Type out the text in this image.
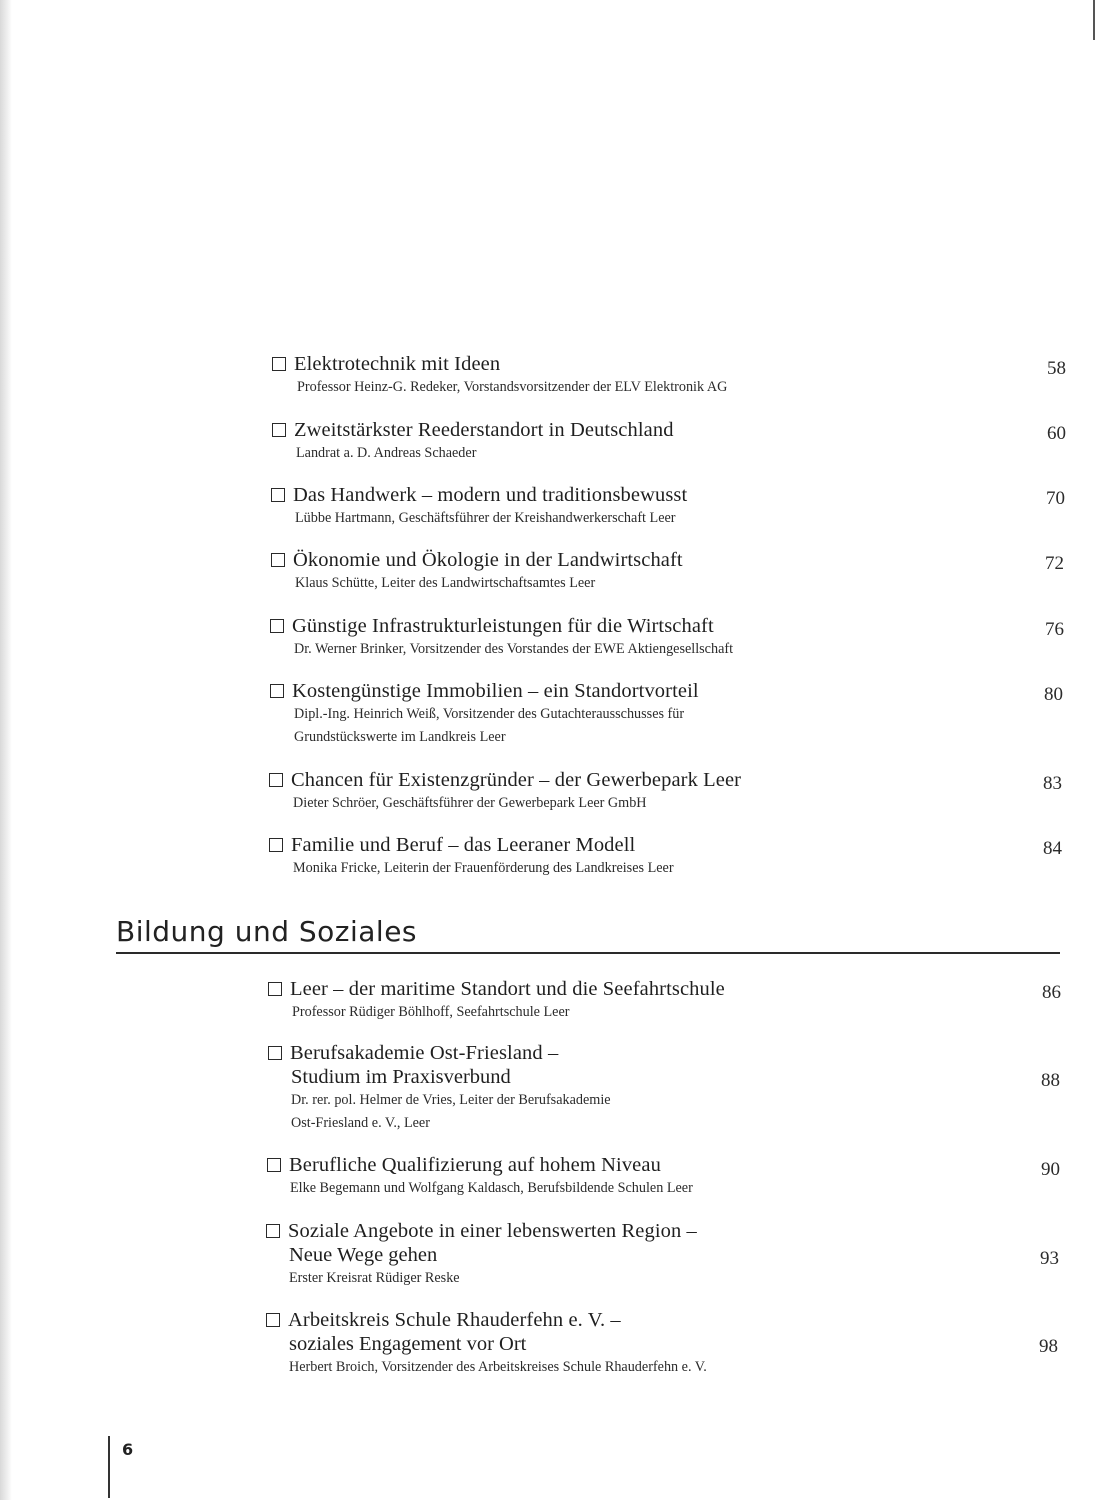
Elektrotechnik mit Ideen
Professor Heinz-G. Redeker, Vorstandsvorsitzender der ELV Elektronik AG
58
Zweitstärkster Reederstandort in Deutschland
Landrat a. D. Andreas Schaeder
60
Das Handwerk – modern und traditionsbewusst
Lübbe Hartmann, Geschäftsführer der Kreishandwerkerschaft Leer
70
Ökonomie und Ökologie in der Landwirtschaft
Klaus Schütte, Leiter des Landwirtschaftsamtes Leer
72
Günstige Infrastrukturleistungen für die Wirtschaft
Dr. Werner Brinker, Vorsitzender des Vorstandes der EWE Aktiengesellschaft
76
Kostengünstige Immobilien – ein Standortvorteil
Dipl.-Ing. Heinrich Weiß, Vorsitzender des Gutachterausschusses für
Grundstückswerte im Landkreis Leer
80
Chancen für Existenzgründer – der Gewerbepark Leer
Dieter Schröer, Geschäftsführer der Gewerbepark Leer GmbH
83
Familie und Beruf – das Leeraner Modell
Monika Fricke, Leiterin der Frauenförderung des Landkreises Leer
84
Bildung und Soziales
Leer – der maritime Standort und die Seefahrtschule
Professor Rüdiger Böhlhoff, Seefahrtschule Leer
86
Berufsakademie Ost-Friesland –
Studium im Praxisverbund
Dr. rer. pol. Helmer de Vries, Leiter der Berufsakademie
Ost-Friesland e. V., Leer
88
Berufliche Qualifizierung auf hohem Niveau
Elke Begemann und Wolfgang Kaldasch, Berufsbildende Schulen Leer
90
Soziale Angebote in einer lebenswerten Region –
Neue Wege gehen
Erster Kreisrat Rüdiger Reske
93
Arbeitskreis Schule Rhauderfehn e. V. –
soziales Engagement vor Ort
Herbert Broich, Vorsitzender des Arbeitskreises Schule Rhauderfehn e. V.
98
6
